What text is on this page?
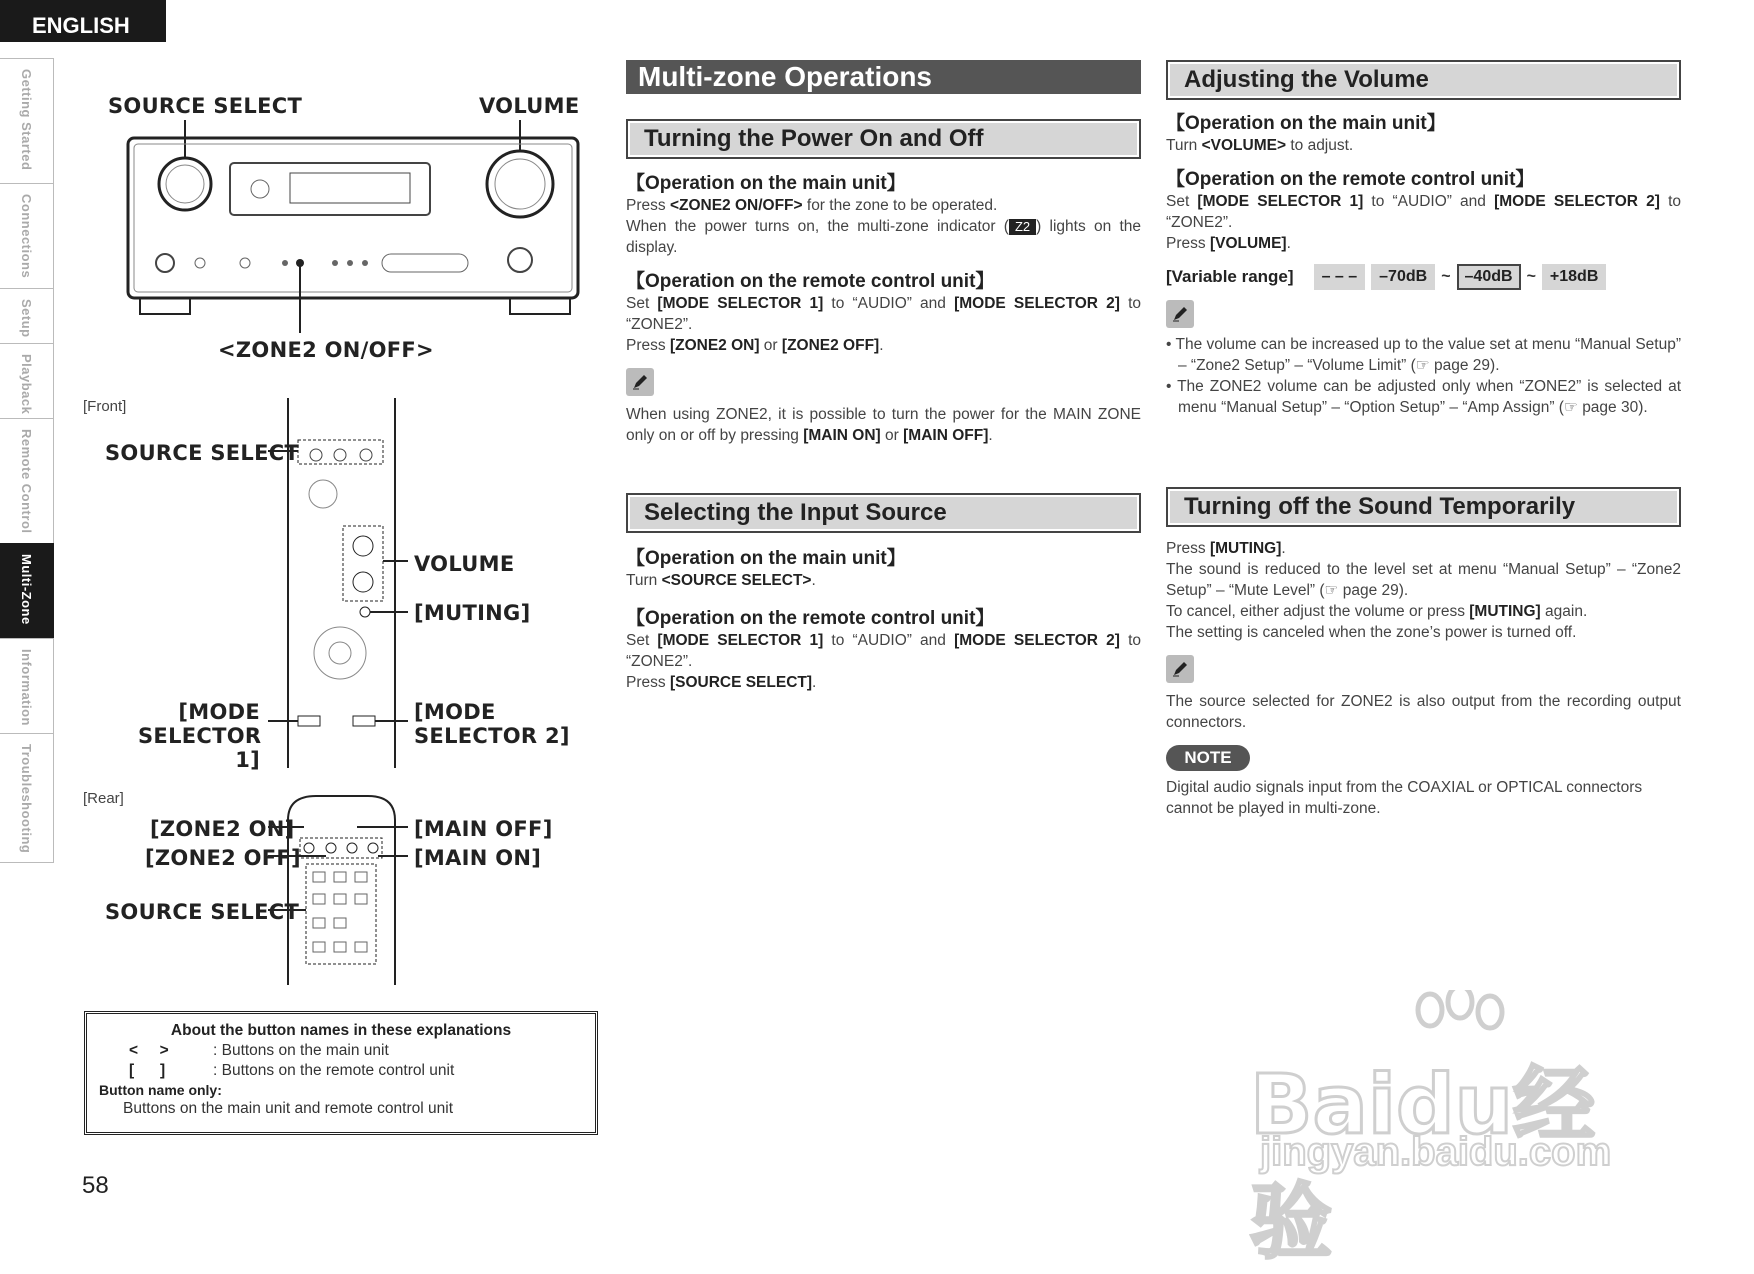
ENGLISH
Getting Started
Connections
Setup
Playback
Remote Control
Multi-Zone
Information
Troubleshooting
SOURCE SELECT	VOLUME
<ZONE2 ON/OFF>
[Front]
SOURCE SELECT
VOLUME
[MUTING]
[MODE
SELECTOR 1]
[MODE
SELECTOR 2]
[Rear]
[ZONE2 ON]
[ZONE2 OFF]
[MAIN OFF]
[MAIN ON]
SOURCE SELECT
About the button names in these explanations
<     >	: Buttons on the main unit
[      ]	: Buttons on the remote control unit
Button name only:
Buttons on the main unit and remote control unit
58
Multi-zone Operations
Turning the Power On and Off
【Operation on the main unit】
Press <ZONE2 ON/OFF> for the zone to be operated.
When the power turns on, the multi-zone indicator ( Z2 ) lights on the display.
【Operation on the remote control unit】
Set [MODE SELECTOR 1] to “AUDIO” and [MODE SELECTOR 2] to “ZONE2”.
Press [ZONE2 ON] or [ZONE2 OFF].
When using ZONE2, it is possible to turn the power for the MAIN ZONE only on or off by pressing [MAIN ON] or [MAIN OFF].
Selecting the Input Source
【Operation on the main unit】
Turn <SOURCE SELECT>.
【Operation on the remote control unit】
Set [MODE SELECTOR 1] to “AUDIO” and [MODE SELECTOR 2] to “ZONE2”.
Press [SOURCE SELECT].
Adjusting the Volume
【Operation on the main unit】
Turn <VOLUME> to adjust.
【Operation on the remote control unit】
Set [MODE SELECTOR 1] to “AUDIO” and [MODE SELECTOR 2] to “ZONE2”.
Press [VOLUME].
[Variable range]	– – –	–70dB ~ –40dB ~ +18dB
• The volume can be increased up to the value set at menu “Manual Setup” – “Zone2 Setup” – “Volume Limit” (☞ page 29).
• The ZONE2 volume can be adjusted only when “ZONE2” is selected at menu “Manual Setup” – “Option Setup” – “Amp Assign” (☞ page 30).
Turning off the Sound Temporarily
Press [MUTING].
The sound is reduced to the level set at menu “Manual Setup” – “Zone2 Setup” – “Mute Level” (☞ page 29).
To cancel, either adjust the volume or press [MUTING] again.
The setting is canceled when the zone’s power is turned off.
The source selected for ZONE2 is also output from the recording output connectors.
NOTE
Digital audio signals input from the COAXIAL or OPTICAL connectors cannot be played in multi-zone.
Baidu经验
jingyan.baidu.com
